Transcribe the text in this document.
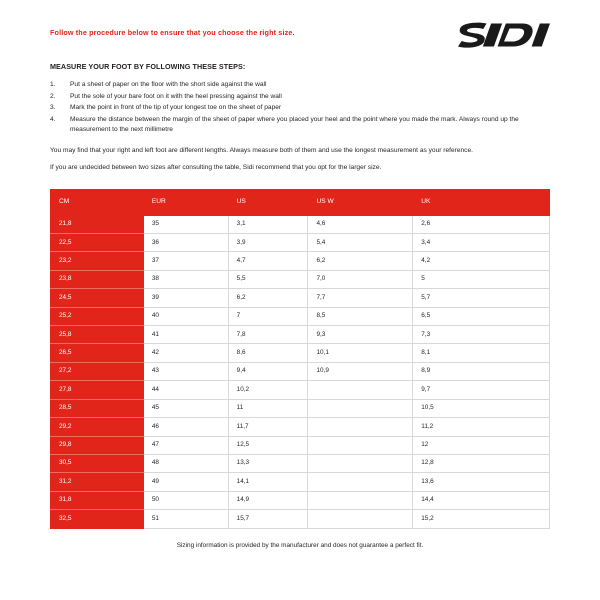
Follow the procedure below to ensure that you choose the right size.
MEASURE YOUR FOOT BY FOLLOWING THESE STEPS:
1.	Put a sheet of paper on the floor with the short side against the wall
2.	Put the sole of your bare foot on it with the heel pressing against the wall
3.	Mark the point in front of the tip of your longest toe on the sheet of paper
4.	Measure the distance between the margin of the sheet of paper where you placed your heel and the point where you made the mark. Always round up the measurement to the next millimetre
You may find that your right and left foot are different lengths. Always measure both of them and use the longest measurement as your reference.
If you are undecided between two sizes after consulting the table, Sidi recommend that you opt for the larger size.
CM	EUR	US	US W	UK
21,8	35	3,1	4,6	2,6
22,5	36	3,9	5,4	3,4
23,2	37	4,7	6,2	4,2
23,8	38	5,5	7,0	5
24,5	39	6,2	7,7	5,7
25,2	40	7	8,5	6,5
25,8	41	7,8	9,3	7,3
26,5	42	8,6	10,1	8,1
27,2	43	9,4	10,9	8,9
27,8	44	10,2		9,7
28,5	45	11		10,5
29,2	46	11,7		11,2
29,8	47	12,5		12
30,5	48	13,3		12,8
31,2	49	14,1		13,6
31,8	50	14,9		14,4
32,5	51	15,7		15,2
Sizing information is provided by the manufacturer and does not guarantee a perfect fit.
